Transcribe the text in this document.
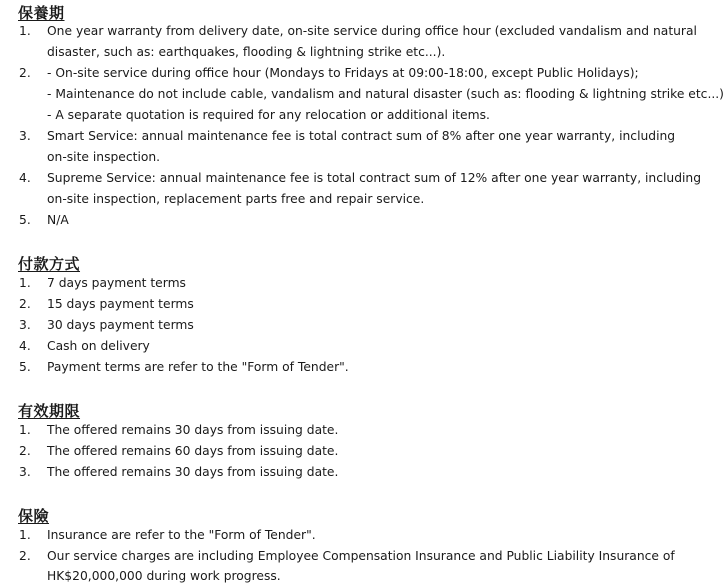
保養期
1. One year warranty from delivery date, on-site service during office hour (excluded vandalism and natural
disaster, such as: earthquakes, flooding & lightning strike etc...).
2. - On-site service during office hour (Mondays to Fridays at 09:00-18:00, except Public Holidays);
- Maintenance do not include cable, vandalism and natural disaster (such as: flooding & lightning strike etc...)
- A separate quotation is required for any relocation or additional items.
3. Smart Service: annual maintenance fee is total contract sum of 8% after one year warranty, including
on-site inspection.
4. Supreme Service: annual maintenance fee is total contract sum of 12% after one year warranty, including
on-site inspection, replacement parts free and repair service.
5. N/A
付款方式
1. 7 days payment terms
2. 15 days payment terms
3. 30 days payment terms
4. Cash on delivery
5. Payment terms are refer to the "Form of Tender".
有效期限
1. The offered remains 30 days from issuing date.
2. The offered remains 60 days from issuing date.
3. The offered remains 30 days from issuing date.
保險
1. Insurance are refer to the "Form of Tender".
2. Our service charges are including Employee Compensation Insurance and Public Liability Insurance of
HK$20,000,000 during work progress.
